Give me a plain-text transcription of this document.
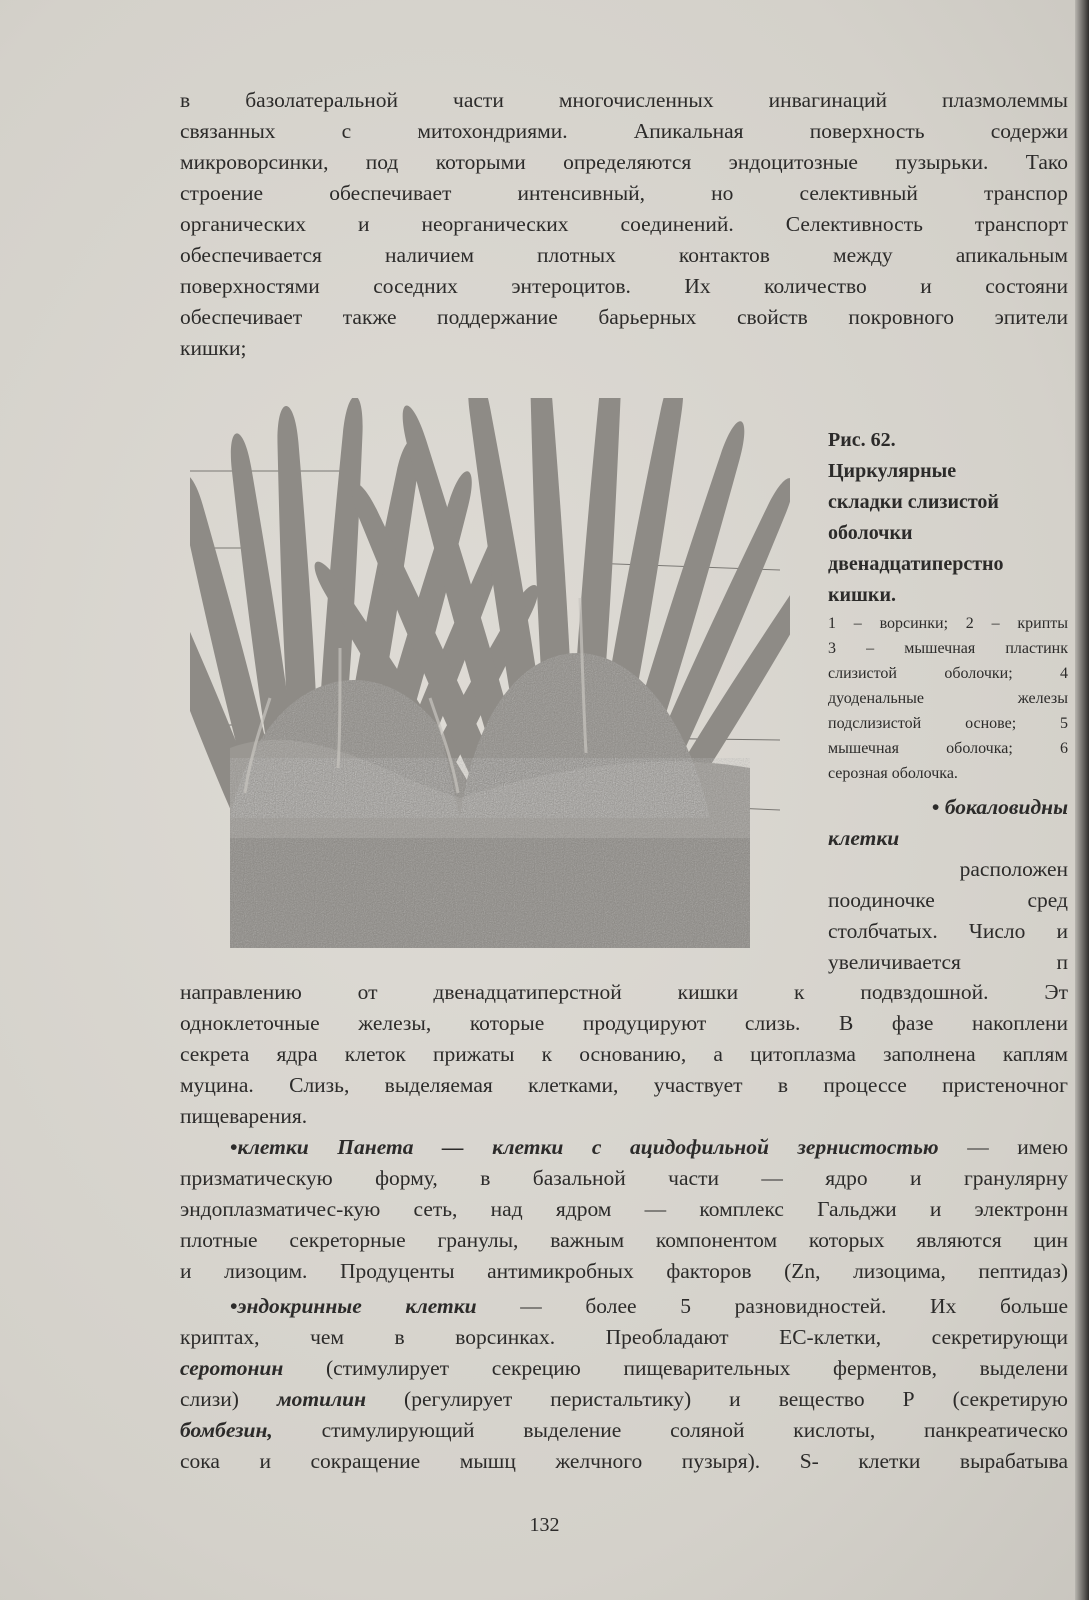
в базолатеральной части многочисленных инвагинаций плазмолеммы
связанных с митохондриями. Апикальная поверхность содержи
микроворсинки, под которыми определяются эндоцитозные пузырьки. Тако
строение обеспечивает интенсивный, но селективный транспор
органических и неорганических соединений. Селективность транспорт
обеспечивается наличием плотных контактов между апикальным
поверхностями соседних энтероцитов. Их количество и состояни
обеспечивает также поддержание барьерных свойств покровного эпители
кишки;
Рис. 62.
Циркулярные
складки слизистой
оболочки
двенадцатиперстно
кишки.
1 – ворсинки; 2 – крипты
3 – мышечная пластинк
слизистой оболочки; 4
дуоденальные железы
подслизистой основе; 5
мышечная оболочка; 6
серозная оболочка.
• бокаловидны
клетки
расположен
поодиночке сред
столбчатых. Число и
увеличивается п
направлению от двенадцатиперстной кишки к подвздошной. Эт
одноклеточные железы, которые продуцируют слизь. В фазе накоплени
секрета ядра клеток прижаты к основанию, а цитоплазма заполнена каплям
муцина. Слизь, выделяемая клетками, участвует в процессе пристеночног
пищеварения.
•клетки Панета — клетки с ацидофильной зернистостью — имею
призматическую форму, в базальной части — ядро и гранулярну
эндоплазматичес-кую сеть, над ядром — комплекс Гальджи и электронн
плотные секреторные гранулы, важным компонентом которых являются цин
и лизоцим. Продуценты антимикробных факторов (Zn, лизоцима, пептидаз)
•эндокринные клетки — более 5 разновидностей. Их больше
криптах, чем в ворсинках. Преобладают ЕС-клетки, секретирующи
серотонин (стимулирует секрецию пищеварительных ферментов, выделени
слизи) мотилин (регулирует перистальтику) и вещество Р (секретирую
бомбезин, стимулирующий выделение соляной кислоты, панкреатическо
сока и сокращение мышц желчного пузыря). S- клетки вырабатыва
132
